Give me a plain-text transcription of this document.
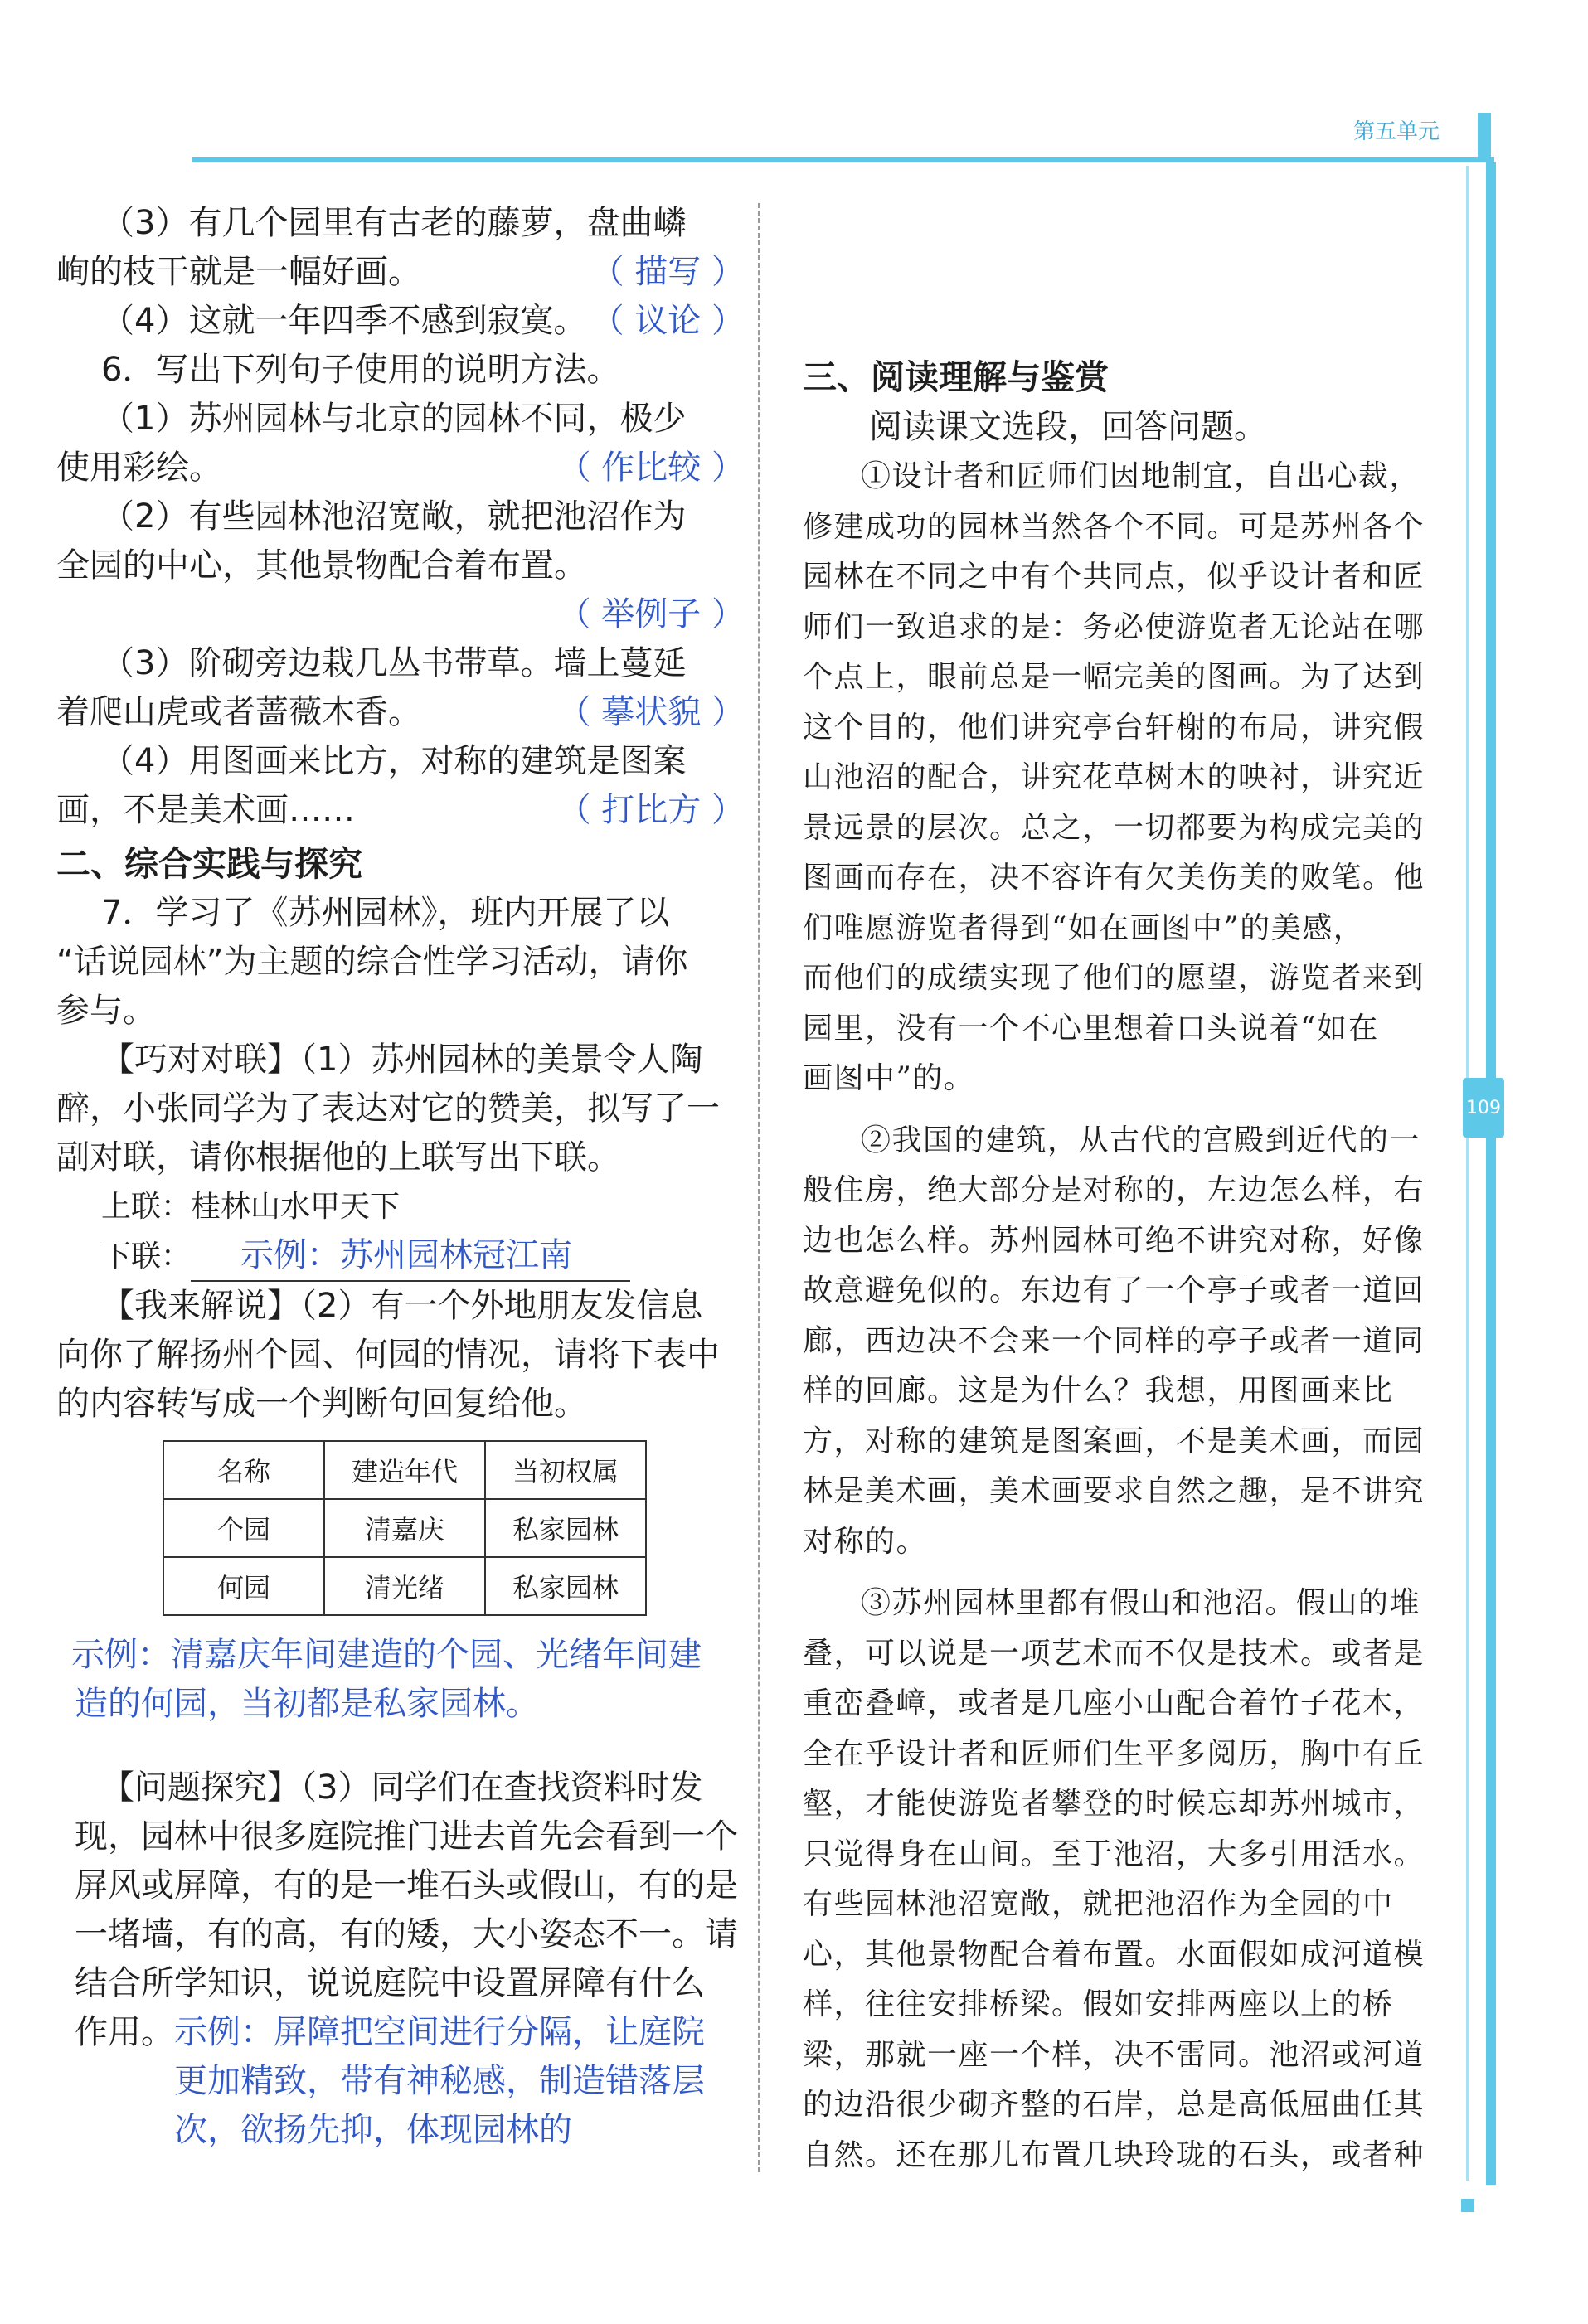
第五单元
109

（3）有几个园里有古老的藤萝，盘曲嶙

峋的枝干就是一幅好画。	（ 描写 ）

（4）这就一年四季不感到寂寞。 （ 议论 ）

6．写出下列句子使用的说明方法。

（1）苏州园林与北京的园林不同，极少

使用彩绘。	（ 作比较 ）

（2）有些园林池沼宽敞，就把池沼作为

全园的中心，其他景物配合着布置。

（ 举例子 ）

（3）阶砌旁边栽几丛书带草。墙上蔓延

着爬山虎或者蔷薇木香。	（ 摹状貌 ）

（4）用图画来比方，对称的建筑是图案

画，不是美术画……	（ 打比方 ）

二、综合实践与探究

7．学习了《苏州园林》，班内开展了以

“话说园林”为主题的综合性学习活动，请你

参与。

【巧对对联】（1）苏州园林的美景令人陶

醉，小张同学为了表达对它的赞美，拟写了一

副对联，请你根据他的上联写出下联。

上联：桂林山水甲天下

下联： 示例：苏州园林冠江南

【我来解说】（2）有一个外地朋友发信息

向你了解扬州个园、何园的情况，请将下表中

的内容转写成一个判断句回复给他。

名称	建造年代	当初权属
个园	清嘉庆	私家园林
何园	清光绪	私家园林

示例：清嘉庆年间建造的个园、光绪年间建

造的何园，当初都是私家园林。

【问题探究】（3）同学们在查找资料时发

现，园林中很多庭院推门进去首先会看到一个

屏风或屏障，有的是一堆石头或假山，有的是

一堵墙，有的高，有的矮，大小姿态不一。请

结合所学知识，说说庭院中设置屏障有什么

作用。示例：屏障把空间进行分隔，让庭院

更加精致，带有神秘感，制造错落层

次，欲扬先抑，体现园林的

三、阅读理解与鉴赏

阅读课文选段，回答问题。

①设计者和匠师们因地制宜，自出心裁，

修建成功的园林当然各个不同。可是苏州各个

园林在不同之中有个共同点，似乎设计者和匠

师们一致追求的是：务必使游览者无论站在哪

个点上，眼前总是一幅完美的图画。为了达到

这个目的，他们讲究亭台轩榭的布局，讲究假

山池沼的配合，讲究花草树木的映衬，讲究近

景远景的层次。总之，一切都要为构成完美的

图画而存在，决不容许有欠美伤美的败笔。他

们唯愿游览者得到“如在画图中”的美感，

而他们的成绩实现了他们的愿望，游览者来到

园里，没有一个不心里想着口头说着“如在

画图中”的。

②我国的建筑，从古代的宫殿到近代的一

般住房，绝大部分是对称的，左边怎么样，右

边也怎么样。苏州园林可绝不讲究对称，好像

故意避免似的。东边有了一个亭子或者一道回

廊，西边决不会来一个同样的亭子或者一道同

样的回廊。这是为什么？我想，用图画来比

方，对称的建筑是图案画，不是美术画，而园

林是美术画，美术画要求自然之趣，是不讲究

对称的。

③苏州园林里都有假山和池沼。假山的堆

叠，可以说是一项艺术而不仅是技术。或者是

重峦叠嶂，或者是几座小山配合着竹子花木，

全在乎设计者和匠师们生平多阅历，胸中有丘

壑，才能使游览者攀登的时候忘却苏州城市，

只觉得身在山间。至于池沼，大多引用活水。

有些园林池沼宽敞，就把池沼作为全园的中

心，其他景物配合着布置。水面假如成河道模

样，往往安排桥梁。假如安排两座以上的桥

梁，那就一座一个样，决不雷同。池沼或河道

的边沿很少砌齐整的石岸，总是高低屈曲任其

自然。还在那儿布置几块玲珑的石头，或者种
